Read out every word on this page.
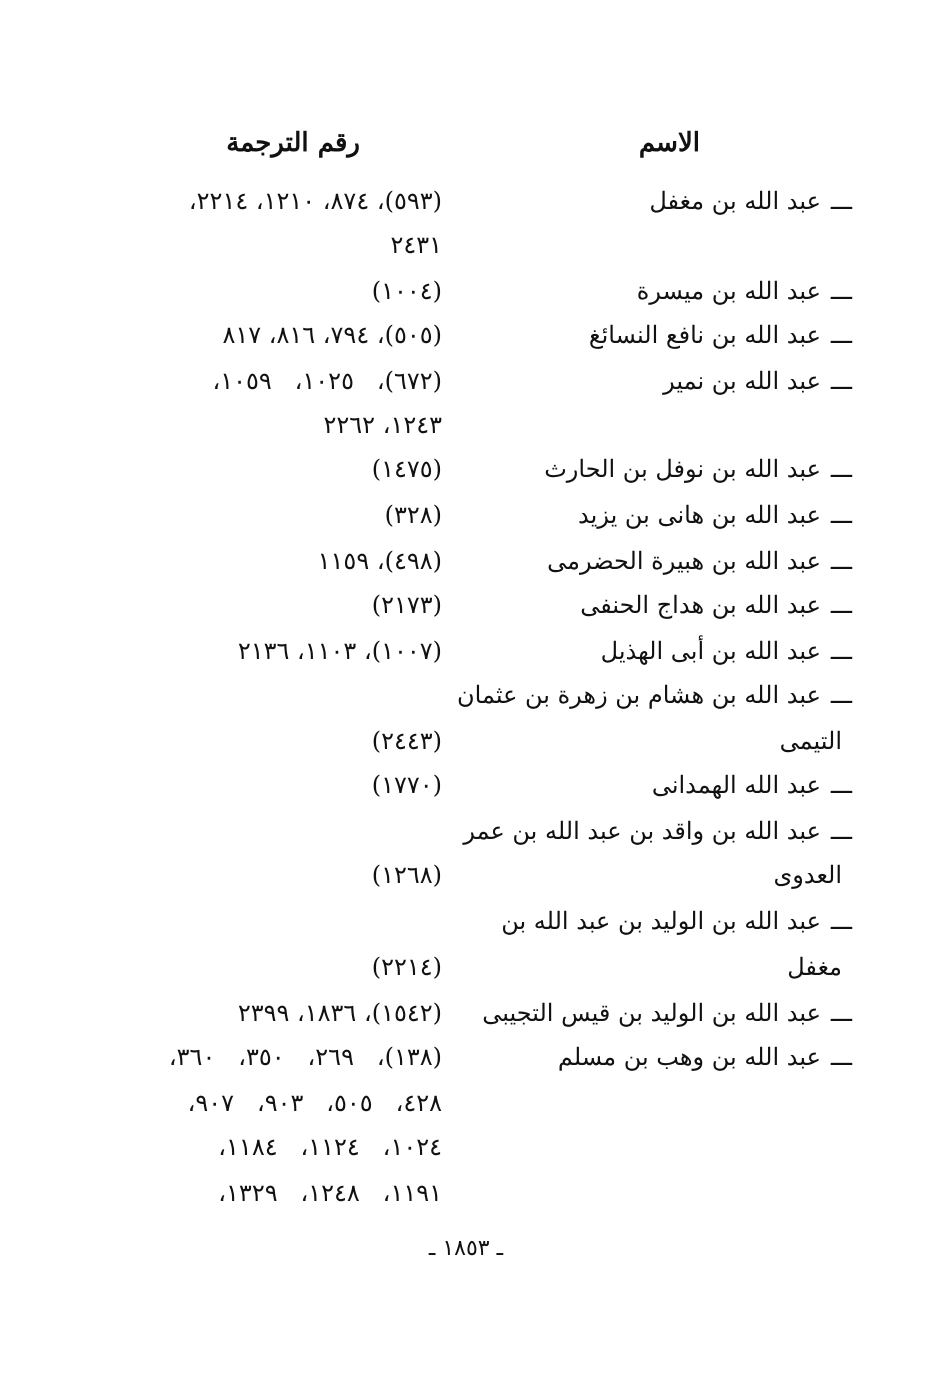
الاسم
رقم الترجمة
ـــعبد الله بن مغفل
(٥٩٣)، ٨٧٤، ١٢١٠، ٢٢١٤،
٢٤٣١
ـــعبد الله بن ميسرة
(١٠٠٤)
ـــعبد الله بن نافع النسائغ
(٥٠٥)، ٧٩٤، ٨١٦، ٨١٧
ـــعبد الله بن نمير
(٦٧٢)،   ١٠٢٥،   ١٠٥٩،
١٢٤٣، ٢٢٦٢
ـــعبد الله بن نوفل بن الحارث
(١٤٧٥)
ـــعبد الله بن هانى بن يزيد
(٣٢٨)
ـــعبد الله بن هبيرة الحضرمى
(٤٩٨)، ١١٥٩
ـــعبد الله بن هداج الحنفى
(٢١٧٣)
ـــعبد الله بن أبى الهذيل
(١٠٠٧)، ١١٠٣، ٢١٣٦
ـــعبد الله بن هشام بن زهرة بن عثمان
التيمى
(٢٤٤٣)
ـــعبد الله الهمدانى
(١٧٧٠)
ـــعبد الله بن واقد بن عبد الله بن عمر
العدوى
(١٢٦٨)
ـــعبد الله بن الوليد بن عبد الله بن
مغفل
(٢٢١٤)
ـــعبد الله بن الوليد بن قيس التجيبى
(١٥٤٢)، ١٨٣٦، ٢٣٩٩
ـــعبد الله بن وهب بن مسلم
(١٣٨)،   ٢٦٩،   ٣٥٠،   ٣٦٠،
٤٢٨،   ٥٠٥،   ٩٠٣،   ٩٠٧،
١٠٢٤،   ١١٢٤،   ١١٨٤،
١١٩١،   ١٢٤٨،   ١٣٢٩،
ـ ١٨٥٣ ـ
